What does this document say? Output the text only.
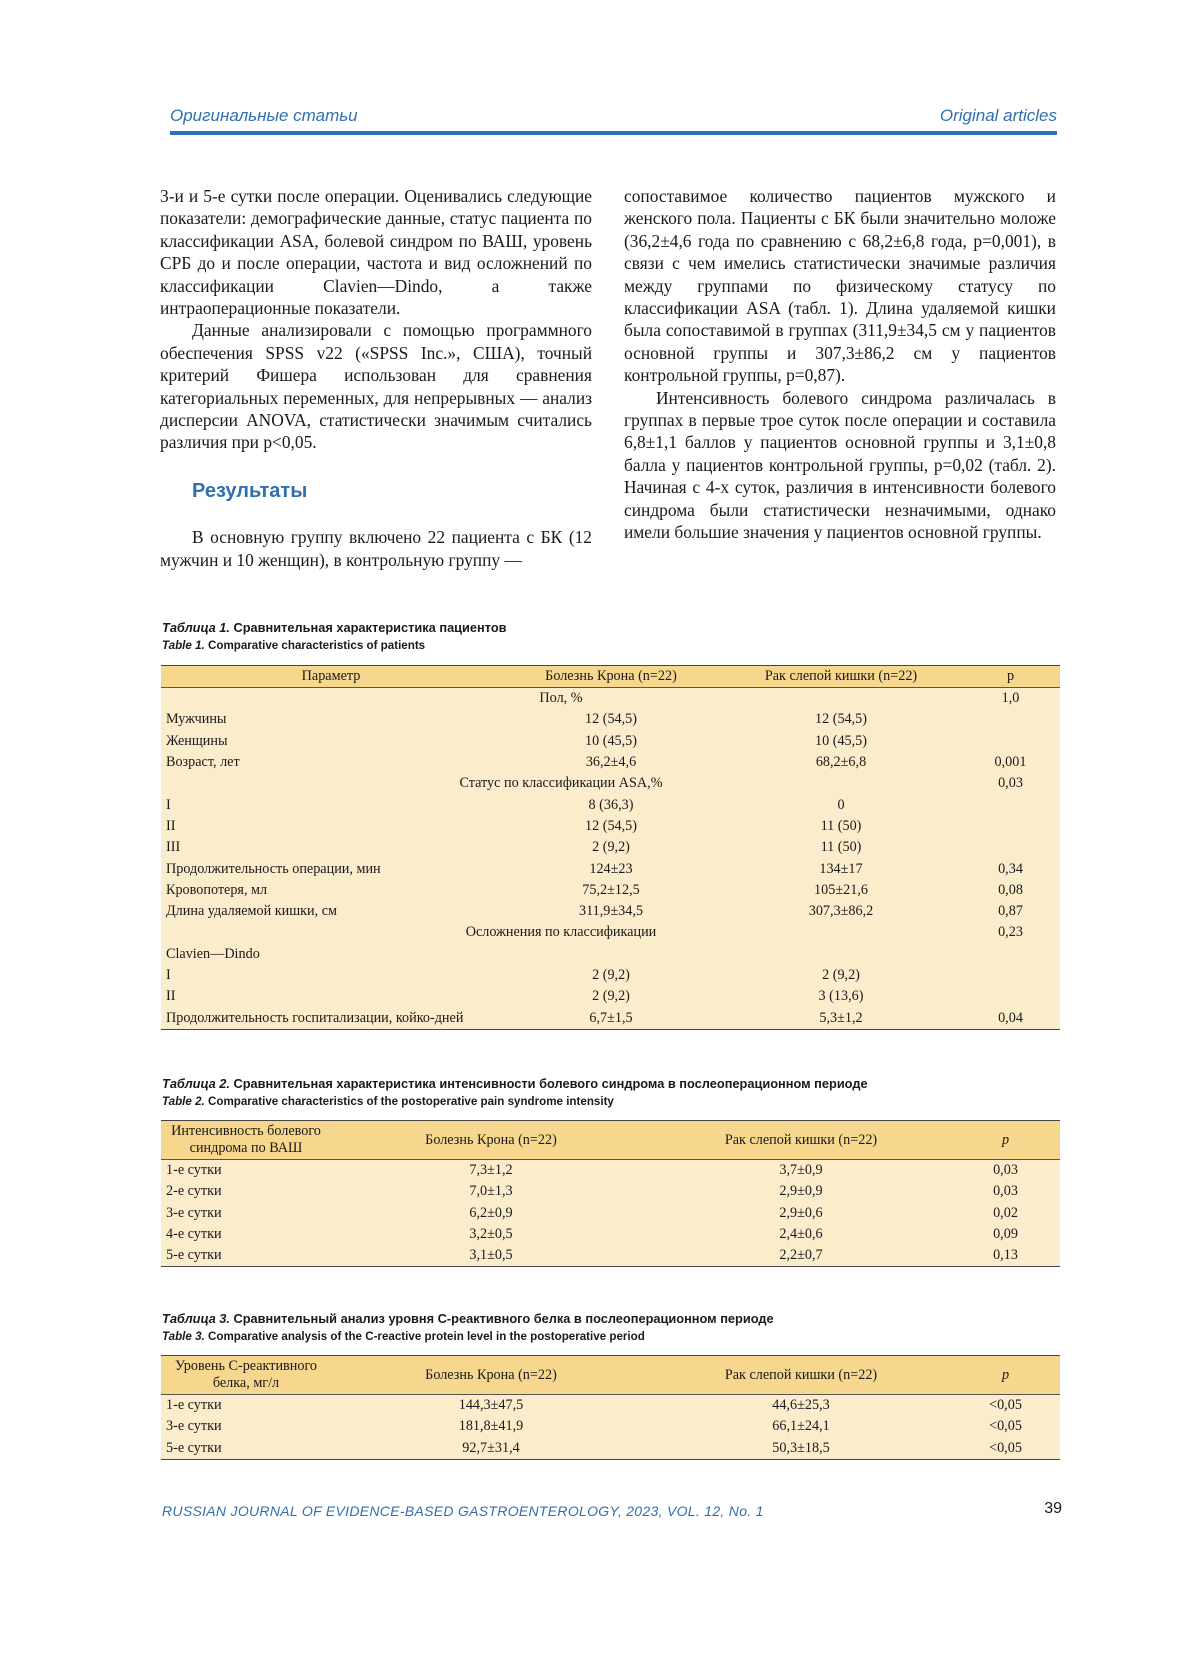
Оригинальные статьи	Original articles

3-и и 5-е сутки после операции. Оценивались следующие показатели: демографические данные, статус пациента по классификации ASA, болевой синдром по ВАШ, уровень СРБ до и после операции, частота и вид осложнений по классификации Clavien—Dindo, а также интраоперационные показатели.

Данные анализировали с помощью программного обеспечения SPSS v22 («SPSS Inc.», США), точный критерий Фишера использован для сравнения категориальных переменных, для непрерывных — анализ дисперсии ANOVA, статистически значимым считались различия при p<0,05.

Результаты

В основную группу включено 22 пациента с БК (12 мужчин и 10 женщин), в контрольную группу —

сопоставимое количество пациентов мужского и женского пола. Пациенты с БК были значительно моложе (36,2±4,6 года по сравнению с 68,2±6,8 года, p=0,001), в связи с чем имелись статистически значимые различия между группами по физическому статусу по классификации ASA (табл. 1). Длина удаляемой кишки была сопоставимой в группах (311,9±34,5 см у пациентов основной группы и 307,3±86,2 см у пациентов контрольной группы, p=0,87).

Интенсивность болевого синдрома различалась в группах в первые трое суток после операции и составила 6,8±1,1 баллов у пациентов основной группы и 3,1±0,8 балла у пациентов контрольной группы, p=0,02 (табл. 2). Начиная с 4-х суток, различия в интенсивности болевого синдрома были статистически незначимыми, однако имели большие значения у пациентов основной группы.

Таблица 1. Сравнительная характеристика пациентов
Table 1. Comparative characteristics of patients
Параметр	Болезнь Крона (n=22)	Рак слепой кишки (n=22)	p
Пол, %			1,0
Мужчины	12 (54,5)	12 (54,5)	
Женщины	10 (45,5)	10 (45,5)	
Возраст, лет	36,2±4,6	68,2±6,8	0,001
Статус по классификации ASA,%			0,03
I	8 (36,3)	0	
II	12 (54,5)	11 (50)	
III	2 (9,2)	11 (50)	
Продолжительность операции, мин	124±23	134±17	0,34
Кровопотеря, мл	75,2±12,5	105±21,6	0,08
Длина удаляемой кишки, см	311,9±34,5	307,3±86,2	0,87
Осложнения по классификации			0,23
Clavien—Dindo			
I	2 (9,2)	2 (9,2)	
II	2 (9,2)	3 (13,6)	
Продолжительность госпитализации, койко-дней	6,7±1,5	5,3±1,2	0,04
Таблица 2. Сравнительная характеристика интенсивности болевого синдрома в послеоперационном периоде
Table 2. Comparative characteristics of the postoperative pain syndrome intensity
Интенсивность болевого синдрома по ВАШ	Болезнь Крона (n=22)	Рак слепой кишки (n=22)	p
1-е сутки	7,3±1,2	3,7±0,9	0,03
2-е сутки	7,0±1,3	2,9±0,9	0,03
3-е сутки	6,2±0,9	2,9±0,6	0,02
4-е сутки	3,2±0,5	2,4±0,6	0,09
5-е сутки	3,1±0,5	2,2±0,7	0,13
Таблица 3. Сравнительный анализ уровня С-реактивного белка в послеоперационном периоде
Table 3. Comparative analysis of the C-reactive protein level in the postoperative period
Уровень С-реактивного белка, мг/л	Болезнь Крона (n=22)	Рак слепой кишки (n=22)	p
1-е сутки	144,3±47,5	44,6±25,3	<0,05
3-е сутки	181,8±41,9	66,1±24,1	<0,05
5-е сутки	92,7±31,4	50,3±18,5	<0,05
RUSSIAN JOURNAL OF EVIDENCE-BASED GASTROENTEROLOGY, 2023, VOL. 12, No. 1	39
